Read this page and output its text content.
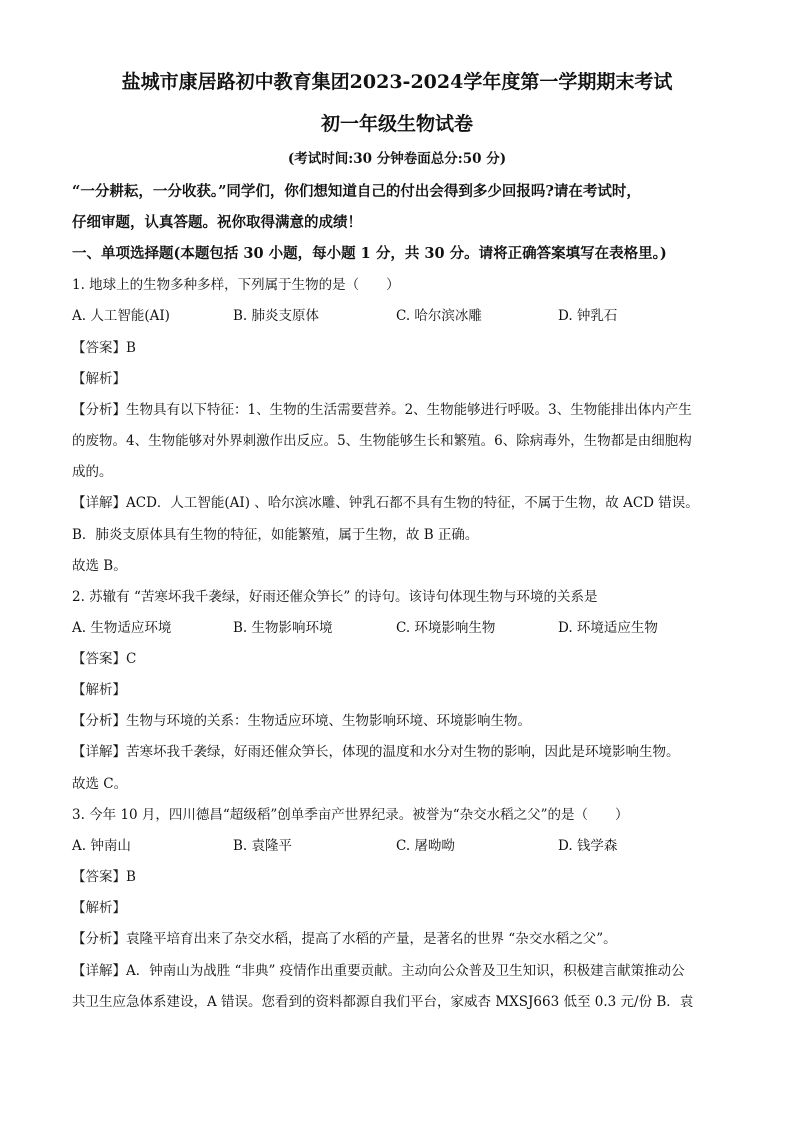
盐城市康居路初中教育集团2023-2024学年度第一学期期末考试
初一年级生物试卷
(考试时间:30 分钟卷面总分:50 分)
“一分耕耘，一分收获。”同学们，你们想知道自己的付出会得到多少回报吗?请在考试时，
仔细审题，认真答题。祝你取得满意的成绩！
一、单项选择题(本题包括 30 小题，每小题 1 分，共 30 分。请将正确答案填写在表格里。)
1. 地球上的生物多种多样，下列属于生物的是（　　）
A. 人工智能(AI)	B. 肺炎支原体	C. 哈尔滨冰雕	D. 钟乳石
【答案】B
【解析】
【分析】生物具有以下特征：1、生物的生活需要营养。2、生物能够进行呼吸。3、生物能排出体内产生
的废物。4、生物能够对外界刺激作出反应。5、生物能够生长和繁殖。6、除病毒外，生物都是由细胞构
成的。
【详解】ACD．人工智能(AI) 、哈尔滨冰雕、钟乳石都不具有生物的特征，不属于生物，故 ACD 错误。
B．肺炎支原体具有生物的特征，如能繁殖，属于生物，故 B 正确。
故选 B。
2. 苏辙有 “苦寒坏我千袭绿，好雨还催众笋长” 的诗句。该诗句体现生物与环境的关系是
A. 生物适应环境	B. 生物影响环境	C. 环境影响生物	D. 环境适应生物
【答案】C
【解析】
【分析】生物与环境的关系：生物适应环境、生物影响环境、环境影响生物。
【详解】苦寒坏我千袭绿，好雨还催众笋长，体现的温度和水分对生物的影响，因此是环境影响生物。
故选 C。
3. 今年 10 月，四川德昌“超级稻”创单季亩产世界纪录。被誉为“杂交水稻之父”的是（　　）
A. 钟南山	B. 袁隆平	C. 屠呦呦	D. 钱学森
【答案】B
【解析】
【分析】袁隆平培育出来了杂交水稻，提高了水稻的产量，是著名的世界 “杂交水稻之父”。
【详解】A．钟南山为战胜 “非典” 疫情作出重要贡献。主动向公众普及卫生知识，积极建言献策推动公
共卫生应急体系建设，A 错误。您看到的资料都源自我们平台，家威杏 MXSJ663 低至 0.3 元/份 B．袁
